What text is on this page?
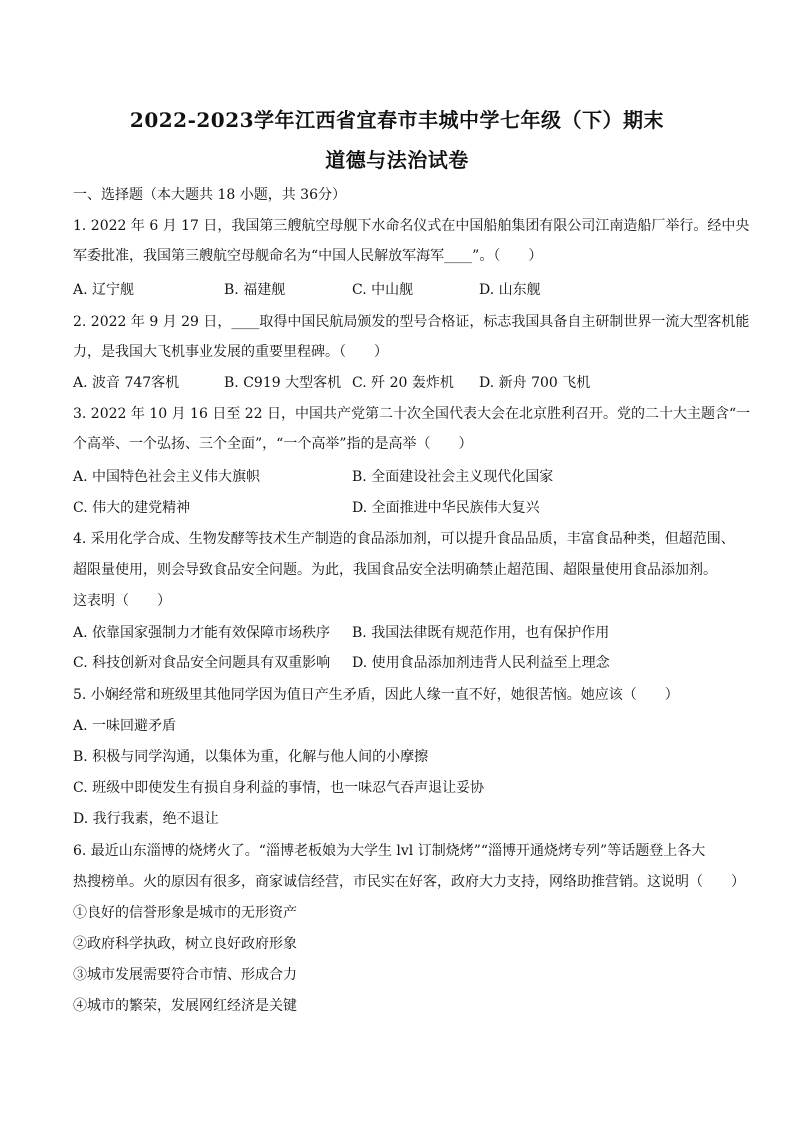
2022-2023学年江西省宜春市丰城中学七年级（下）期末
道德与法治试卷
一、选择题（本大题共 18 小题，共 36分）
1. 2022 年 6 月 17 日，我国第三艘航空母舰下水命名仪式在中国船舶集团有限公司江南造船厂举行。经中央
军委批准，我国第三艘航空母舰命名为“中国人民解放军海军____”。（　　）
A. 辽宁舰	B. 福建舰	C. 中山舰	D. 山东舰
2. 2022 年 9 月 29 日，____取得中国民航局颁发的型号合格证，标志我国具备自主研制世界一流大型客机能
力，是我国大飞机事业发展的重要里程碑。（　　）
A. 波音 747客机	B. C919 大型客机 C. 歼 20 轰炸机 D. 新舟 700 飞机
3. 2022 年 10 月 16 日至 22 日，中国共产党第二十次全国代表大会在北京胜利召开。党的二十大主题含“一
个高举、一个弘扬、三个全面”，“一个高举”指的是高举（　　）
A. 中国特色社会主义伟大旗帜	B. 全面建设社会主义现代化国家
C. 伟大的建党精神	D. 全面推进中华民族伟大复兴
4. 采用化学合成、生物发酵等技术生产制造的食品添加剂，可以提升食品品质，丰富食品种类，但超范围、
超限量使用，则会导致食品安全问题。为此，我国食品安全法明确禁止超范围、超限量使用食品添加剂。
这表明（　　）
A. 依靠国家强制力才能有效保障市场秩序 B. 我国法律既有规范作用，也有保护作用
C. 科技创新对食品安全问题具有双重影响 D. 使用食品添加剂违背人民利益至上理念
5. 小娴经常和班级里其他同学因为值日产生矛盾，因此人缘一直不好，她很苦恼。她应该（　　）
A. 一味回避矛盾
B. 积极与同学沟通，以集体为重，化解与他人间的小摩擦
C. 班级中即使发生有损自身利益的事情，也一味忍气吞声退让妥协
D. 我行我素，绝不退让
6. 最近山东淄博的烧烤火了。“淄博老板娘为大学生 lvl 订制烧烤”“淄博开通烧烤专列”等话题登上各大
热搜榜单。火的原因有很多，商家诚信经营，市民实在好客，政府大力支持，网络助推营销。这说明（　　）
①良好的信誉形象是城市的无形资产
②政府科学执政，树立良好政府形象
③城市发展需要符合市情、形成合力
④城市的繁荣，发展网红经济是关键
